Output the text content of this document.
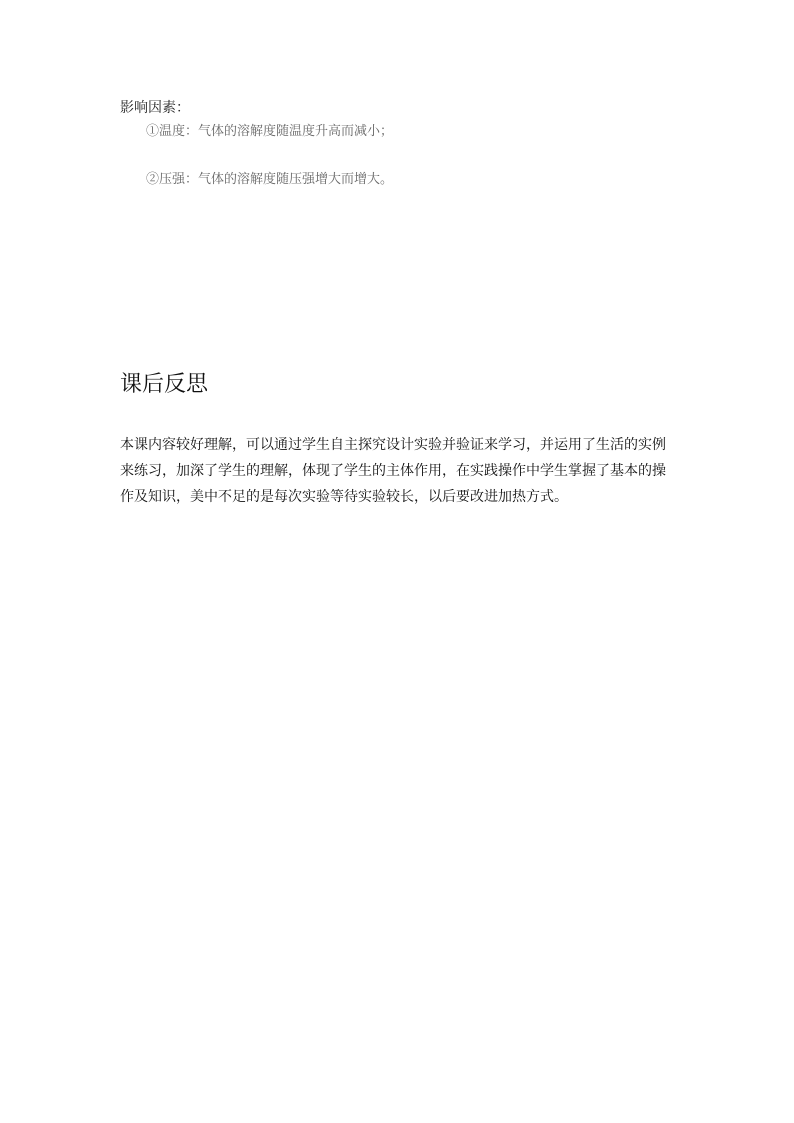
影响因素：
①温度：气体的溶解度随温度升高而减小；
②压强：气体的溶解度随压强增大而增大。
课后反思
本课内容较好理解，可以通过学生自主探究设计实验并验证来学习，并运用了生活的实例
来练习，加深了学生的理解，体现了学生的主体作用，在实践操作中学生掌握了基本的操
作及知识，美中不足的是每次实验等待实验较长，以后要改进加热方式。
